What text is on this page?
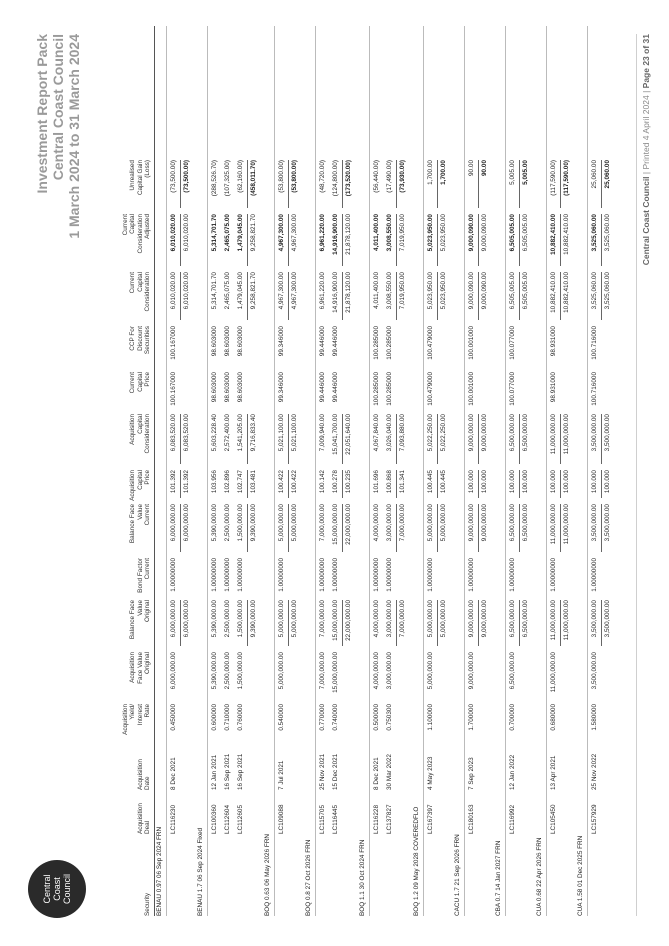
Central Coast Council
Investment Report Pack Central Coast Council 1 March 2024 to 31 March 2024
Security
Acquisition Deal
Acquisition Date
Acquisition Yield/ Interest Rate
Acquisition Face Value Original
Balance Face Value Original
Bond Factor Current
Balance Face Value Current
Acquisition Capital Price
Acquisition Capital Consideration
Current Capital Price
CCP For Discount Securities
Current Capital Consideration
Current Capital Consideration Adjusted
Unrealised Capital Gain (Loss)
BENAU 0.97 06 Sep 2024 FRN
LC116230
8 Dec 2021
0.450000
6,000,000.00
6,000,000.00
1.00000000
6,000,000.00
101.392
6,083,520.00
100.167000
100.167000
6,010,020.00
6,010,020.00
(73,500.00)
6,000,000.00
6,000,000.00
101.392
6,083,520.00
6,010,020.00
6,010,020.00
(73,500.00)
BENAU 1.7 06 Sep 2024 Fixed
LC100360
12 Jan 2021
0.600000
5,390,000.00
5,390,000.00
1.00000000
5,390,000.00
103.956
5,603,228.40
98.603000
98.603000
5,314,701.70
5,314,701.70
(288,526.70)
LC112604
16 Sep 2021
0.710000
2,500,000.00
2,500,000.00
1.00000000
2,500,000.00
102.896
2,572,400.00
98.603000
98.603000
2,465,075.00
2,465,075.00
(107,325.00)
LC112605
16 Sep 2021
0.760000
1,500,000.00
1,500,000.00
1.00000000
1,500,000.00
102.747
1,541,205.00
98.603000
98.603000
1,479,045.00
1,479,045.00
(62,160.00)
9,390,000.00
9,390,000.00
103.481
9,716,833.40
9,258,821.70
9,258,821.70
(458,011.70)
BOQ 0.63 06 May 2026 FRN
LC109088
7 Jul 2021
0.540000
5,000,000.00
5,000,000.00
1.00000000
5,000,000.00
100.422
5,021,100.00
99.346000
99.346000
4,967,300.00
4,967,300.00
(53,800.00)
5,000,000.00
5,000,000.00
100.422
5,021,100.00
4,967,300.00
4,967,300.00
(53,800.00)
BOQ 0.8 27 Oct 2026 FRN
LC115705
25 Nov 2021
0.770000
7,000,000.00
7,000,000.00
1.00000000
7,000,000.00
100.142
7,009,940.00
99.446000
99.446000
6,961,220.00
6,961,220.00
(48,720.00)
LC116445
15 Dec 2021
0.740000
15,000,000.00
15,000,000.00
1.00000000
15,000,000.00
100.278
15,041,700.00
99.446000
99.446000
14,916,900.00
14,916,900.00
(124,800.00)
22,000,000.00
22,000,000.00
100.235
22,051,640.00
21,878,120.00
21,878,120.00
(173,520.00)
BOQ 1.1 30 Oct 2024 FRN
LC116228
8 Dec 2021
0.500000
4,000,000.00
4,000,000.00
1.00000000
4,000,000.00
101.696
4,067,840.00
100.285000
100.285000
4,011,400.00
4,011,400.00
(56,440.00)
LC137827
30 Mar 2022
0.750300
3,000,000.00
3,000,000.00
1.00000000
3,000,000.00
100.868
3,026,040.00
100.285000
100.285000
3,008,550.00
3,008,550.00
(17,490.00)
7,000,000.00
7,000,000.00
101.341
7,093,880.00
7,019,950.00
7,019,950.00
(73,930.00)
BOQ 1.2 09 May 2028 COVEREDFLO LC167397
4 May 2023
1.100000
5,000,000.00
5,000,000.00
1.00000000
5,000,000.00
100.445
5,022,250.00
100.479000
100.479000
5,023,950.00
5,023,950.00
1,700.00
5,000,000.00
5,000,000.00
100.445
5,022,250.00
5,023,950.00
5,023,950.00
1,700.00
CACU 1.7 21 Sep 2026 FRN
LC180163
7 Sep 2023
1.700000
9,000,000.00
9,000,000.00
1.00000000
9,000,000.00
100.000
9,000,000.00
100.001000
100.001000
9,000,090.00
9,000,090.00
90.00
9,000,000.00
9,000,000.00
100.000
9,000,000.00
9,000,090.00
9,000,090.00
90.00
CBA 0.7 14 Jan 2027 FRN
LC116992
12 Jan 2022
0.700000
6,500,000.00
6,500,000.00
1.00000000
6,500,000.00
100.000
6,500,000.00
100.077000
100.077000
6,505,005.00
6,505,005.00
5,005.00
6,500,000.00
6,500,000.00
100.000
6,500,000.00
6,505,005.00
6,505,005.00
5,005.00
CUA 0.68 22 Apr 2026 FRN
LC105450
13 Apr 2021
0.680000
11,000,000.00
11,000,000.00
1.00000000
11,000,000.00
100.000
11,000,000.00
98.931000
98.931000
10,882,410.00
10,882,410.00
(117,590.00)
11,000,000.00
11,000,000.00
100.000
11,000,000.00
10,882,410.00
10,882,410.00
(117,590.00)
CUA 1.58 01 Dec 2025 FRN
LC157929
25 Nov 2022
1.580000
3,500,000.00
3,500,000.00
1.00000000
3,500,000.00
100.000
3,500,000.00
100.716000
100.716000
3,525,060.00
3,525,060.00
25,060.00
3,500,000.00
3,500,000.00
100.000
3,500,000.00
3,525,060.00
3,525,060.00
25,060.00
Central Coast Council | Printed 4 April 2024 | Page 23 of 31
